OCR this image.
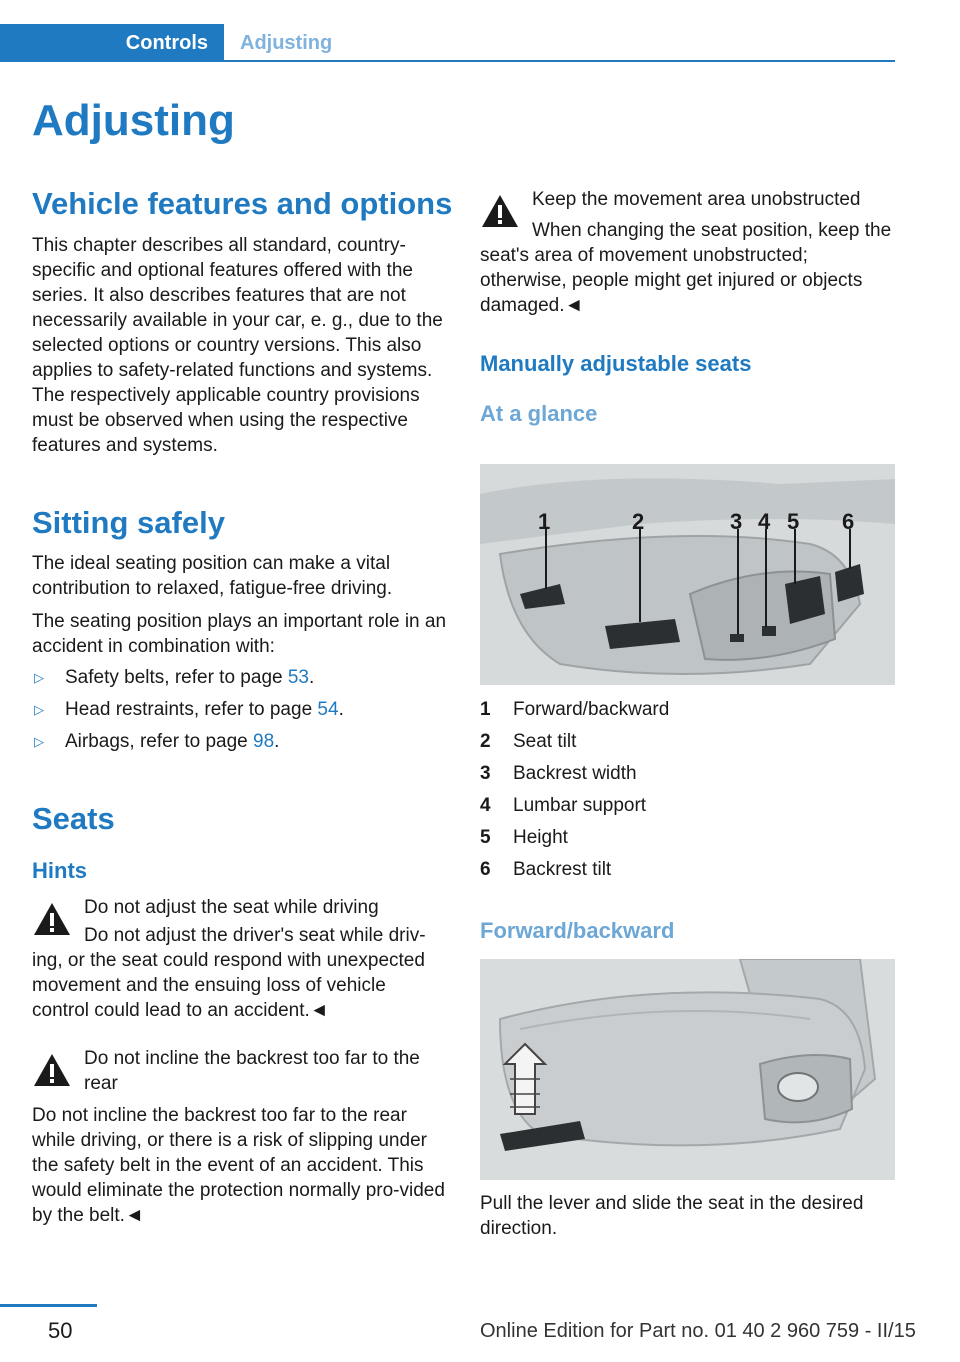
Controls	Adjusting
Adjusting
Vehicle features and options

This chapter describes all standard, country-specific and optional features offered with the series. It also describes features that are not necessarily available in your car, e. g., due to the selected options or country versions. This also applies to safety-related functions and systems. The respectively applicable country provisions must be observed when using the respective features and systems.

Sitting safely

The ideal seating position can make a vital contribution to relaxed, fatigue-free driving.

The seating position plays an important role in an accident in combination with:

▷ Safety belts, refer to page 53.
▷ Head restraints, refer to page 54.
▷ Airbags, refer to page 98.
Seats
Hints
Do not adjust the seat while driving
Do not adjust the driver's seat while driv-ing, or the seat could respond with unexpected movement and the ensuing loss of vehicle control could lead to an accident.◄
Do not incline the backrest too far to the rear
Do not incline the backrest too far to the rear while driving, or there is a risk of slipping under the safety belt in the event of an accident. This would eliminate the protection normally pro-vided by the belt.◄
Keep the movement area unobstructed
When changing the seat position, keep the seat's area of movement unobstructed; otherwise, people might get injured or objects damaged.◄
Manually adjustable seats
At a glance
1	2	3 4 5 6
1 Forward/backward
2 Seat tilt
3 Backrest width
4 Lumbar support
5 Height
6 Backrest tilt
Forward/backward

Pull the lever and slide the seat in the desired direction.

50	Online Edition for Part no. 01 40 2 960 759 - II/15
